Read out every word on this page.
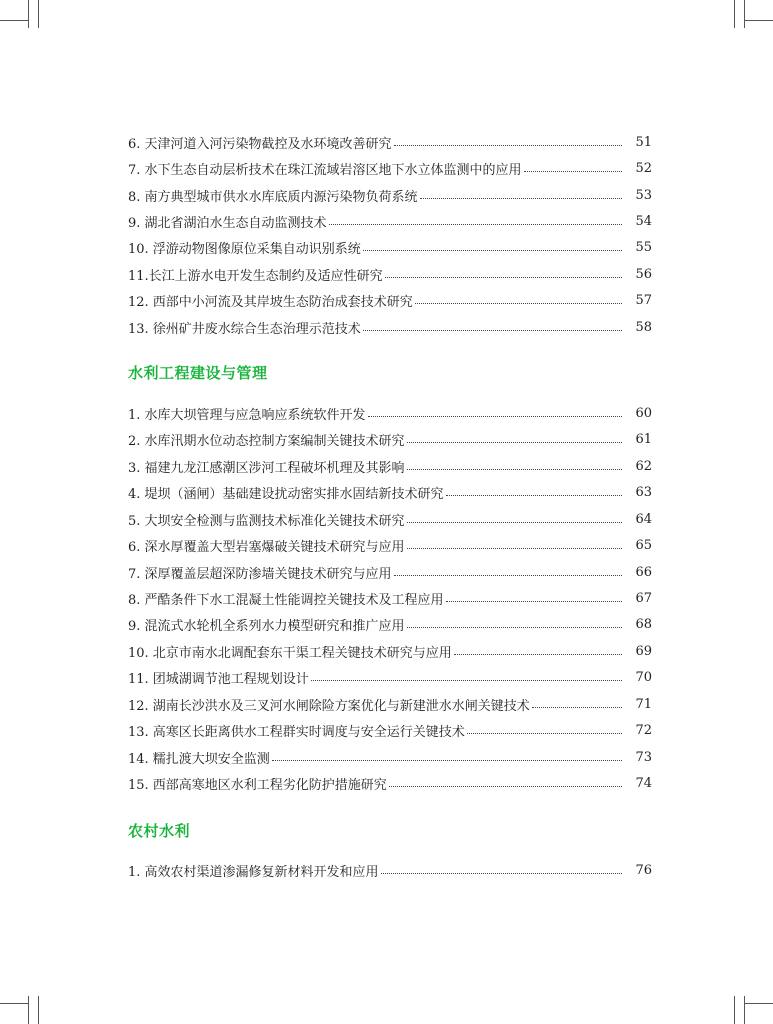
6. 天津河道入河污染物截控及水环境改善研究	51
7. 水下生态自动层析技术在珠江流域岩溶区地下水立体监测中的应用	52
8. 南方典型城市供水水库底质内源污染物负荷系统	53
9. 湖北省湖泊水生态自动监测技术	54
10. 浮游动物图像原位采集自动识别系统	55
11.长江上游水电开发生态制约及适应性研究	56
12. 西部中小河流及其岸坡生态防治成套技术研究	57
13. 徐州矿井废水综合生态治理示范技术	58
水利工程建设与管理
1. 水库大坝管理与应急响应系统软件开发	60
2. 水库汛期水位动态控制方案编制关键技术研究	61
3. 福建九龙江感潮区涉河工程破坏机理及其影响	62
4. 堤坝（涵闸）基础建设扰动密实排水固结新技术研究	63
5. 大坝安全检测与监测技术标准化关键技术研究	64
6. 深水厚覆盖大型岩塞爆破关键技术研究与应用	65
7. 深厚覆盖层超深防渗墙关键技术研究与应用	66
8. 严酷条件下水工混凝土性能调控关键技术及工程应用	67
9. 混流式水轮机全系列水力模型研究和推广应用	68
10. 北京市南水北调配套东干渠工程关键技术研究与应用	69
11. 团城湖调节池工程规划设计	70
12. 湖南长沙洪水及三叉河水闸除险方案优化与新建泄水水闸关键技术	71
13. 高寒区长距离供水工程群实时调度与安全运行关键技术	72
14. 糯扎渡大坝安全监测	73
15. 西部高寒地区水利工程劣化防护措施研究	74
农村水利
1. 高效农村渠道渗漏修复新材料开发和应用	76
